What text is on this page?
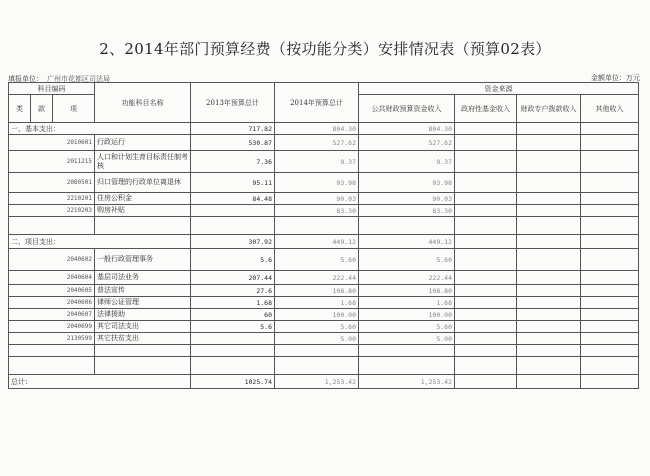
2、2014年部门预算经费（按功能分类）安排情况表（预算02表）
填报单位： 广州市花都区司法局	金额单位：万元
科目编码			功能科目名称	2013年预算总计	2014年预算总计	资金来源			
类	款	项				公共财政预算资金收入	政府性基金收入	财政专户拨款收入	其他收入
一、基本支出：				717.82	804.30	804.30			
2010601			行政运行	530.87	527.62	527.62			
2011215			人口和计划生育目标责任制考核	7.36	9.37	9.37			
2080501			归口管理的行政单位离退休	95.11	93.98	93.98			
2210201			住房公积金	84.48	90.03	90.03			
2210203			购房补贴		83.30	83.30			

二、项目支出：				307.92	449.12	449.12			
2040602			一般行政管理事务	5.6	5.60	5.60			
2040604			基层司法业务	207.44	222.44	222.44			
2040605			普法宣传	27.6	108.80	108.80			
2040606			律师公证管理	1.68	1.68	1.68			
2040607			法律援助	60	100.00	100.00			
2040699			其它司法支出	5.6	5.60	5.60			
2130599			其它扶贫支出		5.00	5.00			

总计：				1025.74	1,253.42	1,253.42			
